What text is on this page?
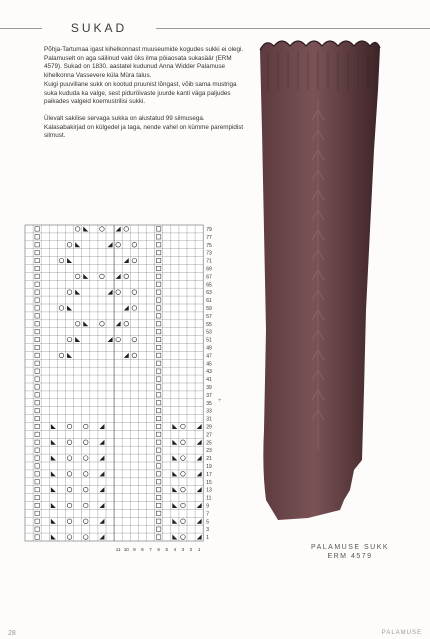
SUKAD

Põhja-Tartumaa igast kihelkonnast muuseumide kogudes sukki ei olegi. Palamuselt on aga säilinud vaid üks ilma pöiaosata sukasäär (ERM 4579). Sukad on 1830. aastatel kudunud Anna Widder Palamuse kihelkonna Vassevere küla Müra talus.

Kuigi puuvillane sukk on kootud pruunist lõngast, võib sama mustriga suka kududa ka valge, sest piduröivaste juurde kanti väga paljudes paikades valgeid koemustrilisi sukki.

Ülevalt sakilise servaga sukka on alustatud 99 silmusega.

Kalasabakirjad on külgedel ja taga, nende vahel on kümme parempidist silmust.

79
77
75
73
71
69
67
65
63
61
59
57
55
53
51
49
47
45
43
41
39
37
35
33
31
29
27
25
23
21
19
17
15
13
11
9
7
5
3
1
11 10 9 8 7 6 5 4 3 2 1
+
PALAMUSE SUKK
ERM 4579
28	PALAMUSE
